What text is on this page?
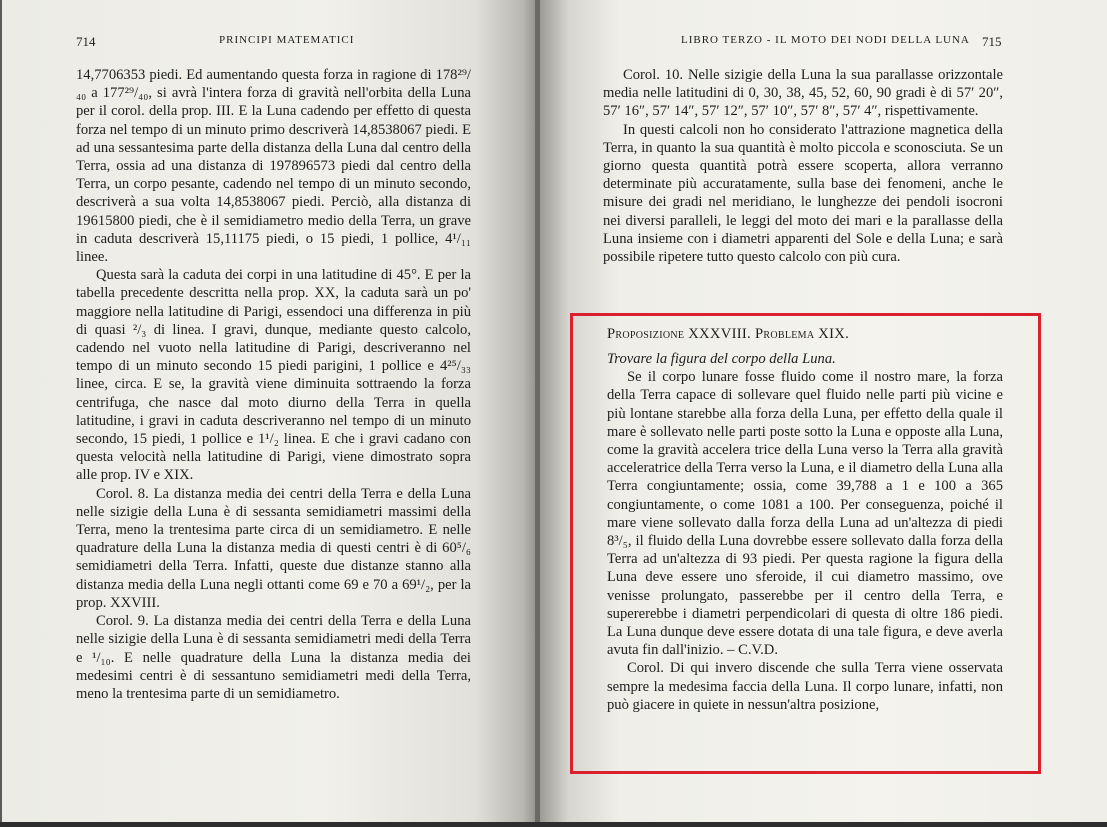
714	PRINCIPI MATEMATICI

14,7706353 piedi. Ed aumentando questa forza in ragione di 178²⁹/₄₀ a 177²⁹/₄₀, si avrà l'intera forza di gravità nell'orbita della Luna per il corol. della prop. III. E la Luna cadendo per effetto di questa forza nel tempo di un minuto primo descriverà 14,8538067 piedi. E ad una sessantesima parte della distanza della Luna dal centro della Terra, ossia ad una distanza di 197896573 piedi dal centro della Terra, un corpo pesante, cadendo nel tempo di un minuto secondo, descriverà a sua volta 14,8538067 piedi. Perciò, alla distanza di 19615800 piedi, che è il semidiametro medio della Terra, un grave in caduta descriverà 15,11175 piedi, o 15 piedi, 1 pollice, 4¹/₁₁ linee.

Questa sarà la caduta dei corpi in una latitudine di 45°. E per la tabella precedente descritta nella prop. XX, la caduta sarà un po' maggiore nella latitudine di Parigi, essendoci una differenza in più di quasi ²/₃ di linea. I gravi, dunque, mediante questo calcolo, cadendo nel vuoto nella latitudine di Parigi, descriveranno nel tempo di un minuto secondo 15 piedi parigini, 1 pollice e 4²⁵/₃₃ linee, circa. E se, la gravità viene diminuita sottraendo la forza centrifuga, che nasce dal moto diurno della Terra in quella latitudine, i gravi in caduta descriveranno nel tempo di un minuto secondo, 15 piedi, 1 pollice e 1¹/₂ linea. E che i gravi cadano con questa velocità nella latitudine di Parigi, viene dimostrato sopra alle prop. IV e XIX.

Corol. 8. La distanza media dei centri della Terra e della Luna nelle sizigie della Luna è di sessanta semidiametri massimi della Terra, meno la trentesima parte circa di un semidiametro. E nelle quadrature della Luna la distanza media di questi centri è di 60⁵/₆ semidiametri della Terra. Infatti, queste due distanze stanno alla distanza media della Luna negli ottanti come 69 e 70 a 69¹/₂, per la prop. XXVIII.

Corol. 9. La distanza media dei centri della Terra e della Luna nelle sizigie della Luna è di sessanta semidiametri medi della Terra e ¹/₁₀. E nelle quadrature della Luna la distanza media dei medesimi centri è di sessantuno semidiametri medi della Terra, meno la trentesima parte di un semidiametro.

LIBRO TERZO - IL MOTO DEI NODI DELLA LUNA 715

Corol. 10. Nelle sizigie della Luna la sua parallasse orizzontale media nelle latitudini di 0, 30, 38, 45, 52, 60, 90 gradi è di 57′ 20″, 57′ 16″, 57′ 14″, 57′ 12″, 57′ 10″, 57′ 8″, 57′ 4″, rispettivamente.

In questi calcoli non ho considerato l'attrazione magnetica della Terra, in quanto la sua quantità è molto piccola e sconosciuta. Se un giorno questa quantità potrà essere scoperta, allora verranno determinate più accuratamente, sulla base dei fenomeni, anche le misure dei gradi nel meridiano, le lunghezze dei pendoli isocroni nei diversi paralleli, le leggi del moto dei mari e la parallasse della Luna insieme con i diametri apparenti del Sole e della Luna; e sarà possibile ripetere tutto questo calcolo con più cura.

Proposizione XXXVIII. Problema XIX.

Trovare la figura del corpo della Luna.

Se il corpo lunare fosse fluido come il nostro mare, la forza della Terra capace di sollevare quel fluido nelle parti più vicine e più lontane starebbe alla forza della Luna, per effetto della quale il mare è sollevato nelle parti poste sotto la Luna e opposte alla Luna, come la gravità accelera trice della Luna verso la Terra alla gravità acceleratrice della Terra verso la Luna, e il diametro della Luna alla Terra congiuntamente; ossia, come 39,788 a 1 e 100 a 365 congiuntamente, o come 1081 a 100. Per conseguenza, poiché il mare viene sollevato dalla forza della Luna ad un'altezza di piedi 8³/₅, il fluido della Luna dovrebbe essere sollevato dalla forza della Terra ad un'altezza di 93 piedi. Per questa ragione la figura della Luna deve essere uno sferoide, il cui diametro massimo, ove venisse prolungato, passerebbe per il centro della Terra, e supererebbe i diametri perpendicolari di questa di oltre 186 piedi. La Luna dunque deve essere dotata di una tale figura, e deve averla avuta fin dall'inizio. – C.V.D.

Corol. Di qui invero discende che sulla Terra viene osservata sempre la medesima faccia della Luna. Il corpo lunare, infatti, non può giacere in quiete in nessun'altra posizione,
